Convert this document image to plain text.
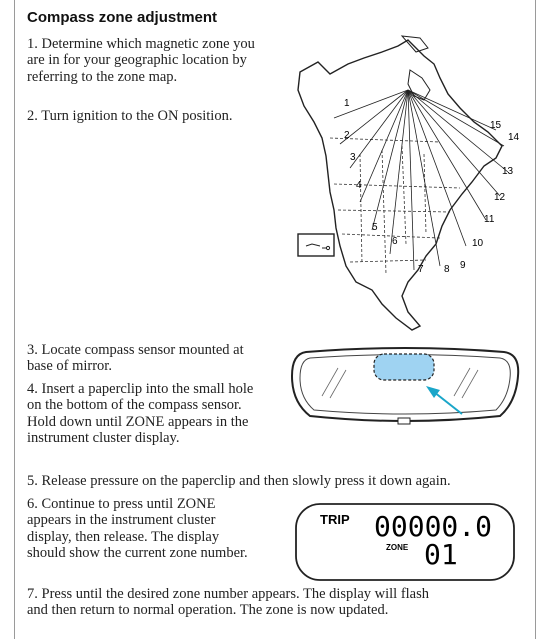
Compass zone adjustment

1. Determine which magnetic zone you are in for your geographic location by referring to the zone map.

2. Turn ignition to the ON position.

3. Locate compass sensor mounted at base of mirror.

4. Insert a paperclip into the small hole on the bottom of the compass sensor. Hold down until ZONE appears in the instrument cluster display.

5. Release pressure on the paperclip and then slowly press it down again.

6. Continue to press until ZONE appears in the instrument cluster display, then release. The display should show the current zone number.

7. Press until the desired zone number appears. The display will flash and then return to normal operation. The zone is now updated.

1
2
3
4
5
6
7 8 9
10
11
12
13
14
15
TRIP 00000.0
ZONE 01
